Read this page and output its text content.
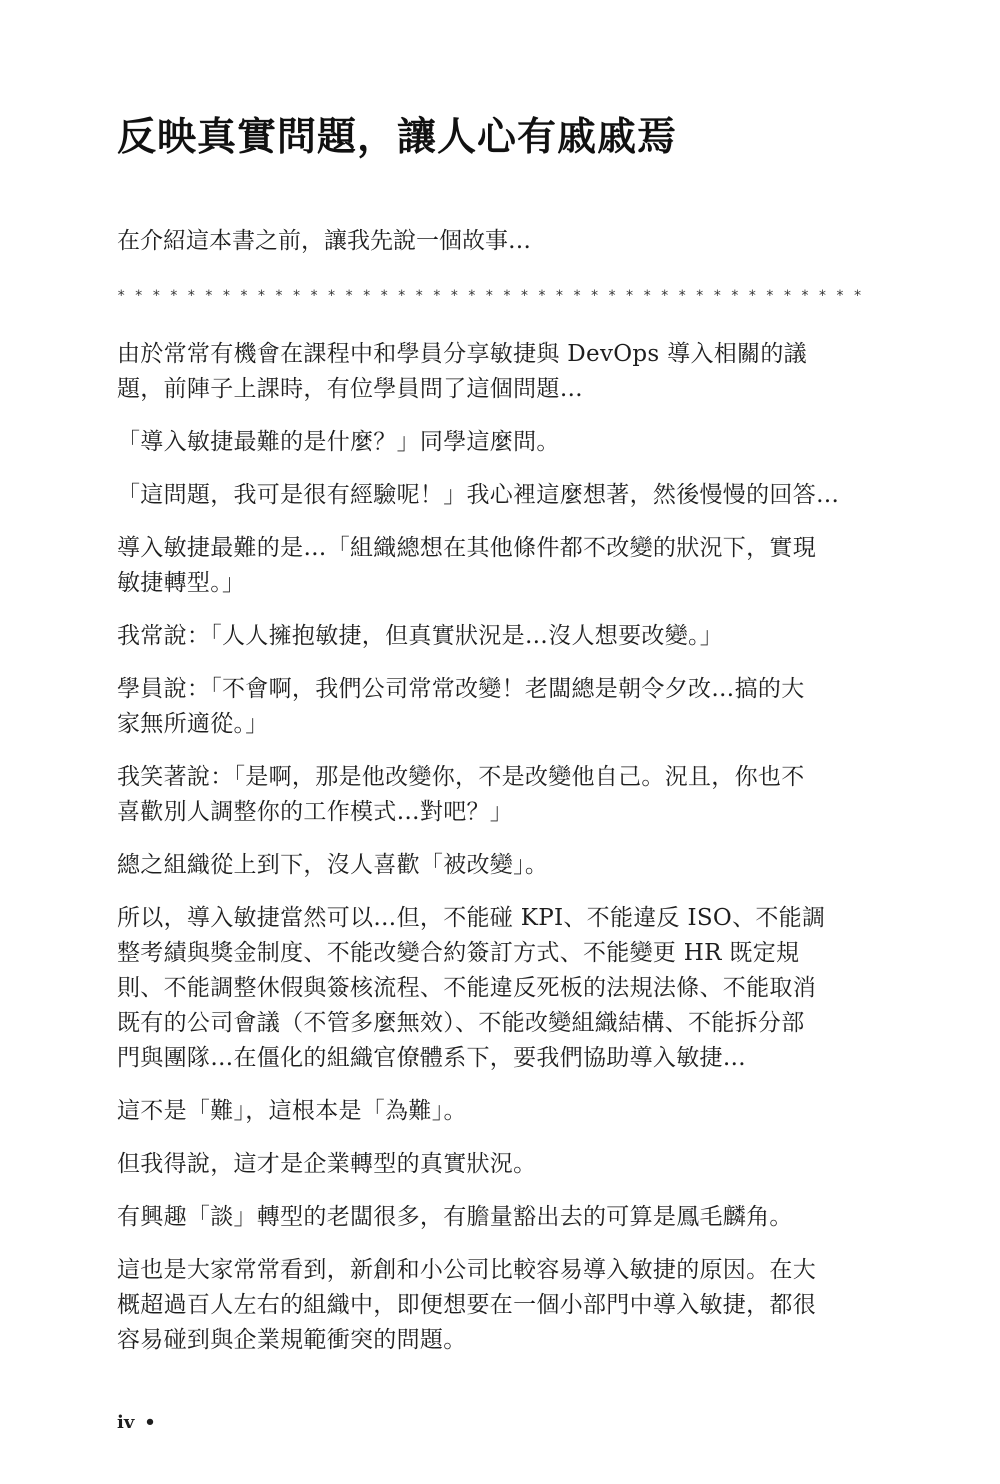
反映真實問題，讓人心有戚戚焉

在介紹這本書之前，讓我先說一個故事…

* * * * * * * * * * * * * * * * * * * * * * * * * * * * * * * * * * * * * * * * * * *

由於常常有機會在課程中和學員分享敏捷與 DevOps 導入相關的議
題，前陣子上課時，有位學員問了這個問題…

「導入敏捷最難的是什麼？」同學這麼問。

「這問題，我可是很有經驗呢！」我心裡這麼想著，然後慢慢的回答…

導入敏捷最難的是…「組織總想在其他條件都不改變的狀況下，實現
敏捷轉型。」

我常說：「人人擁抱敏捷，但真實狀況是…沒人想要改變。」

學員說：「不會啊，我們公司常常改變！老闆總是朝令夕改…搞的大
家無所適從。」

我笑著說：「是啊，那是他改變你，不是改變他自己。況且，你也不
喜歡別人調整你的工作模式…對吧？」

總之組織從上到下，沒人喜歡「被改變」。

所以，導入敏捷當然可以…但，不能碰 KPI、不能違反 ISO、不能調
整考績與獎金制度、不能改變合約簽訂方式、不能變更 HR 既定規
則、不能調整休假與簽核流程、不能違反死板的法規法條、不能取消
既有的公司會議（不管多麼無效）、不能改變組織結構、不能拆分部
門與團隊…在僵化的組織官僚體系下，要我們協助導入敏捷…

這不是「難」，這根本是「為難」。

但我得說，這才是企業轉型的真實狀況。

有興趣「談」轉型的老闆很多，有膽量豁出去的可算是鳳毛麟角。

這也是大家常常看到，新創和小公司比較容易導入敏捷的原因。在大
概超過百人左右的組織中，即便想要在一個小部門中導入敏捷，都很
容易碰到與企業規範衝突的問題。

iv •
